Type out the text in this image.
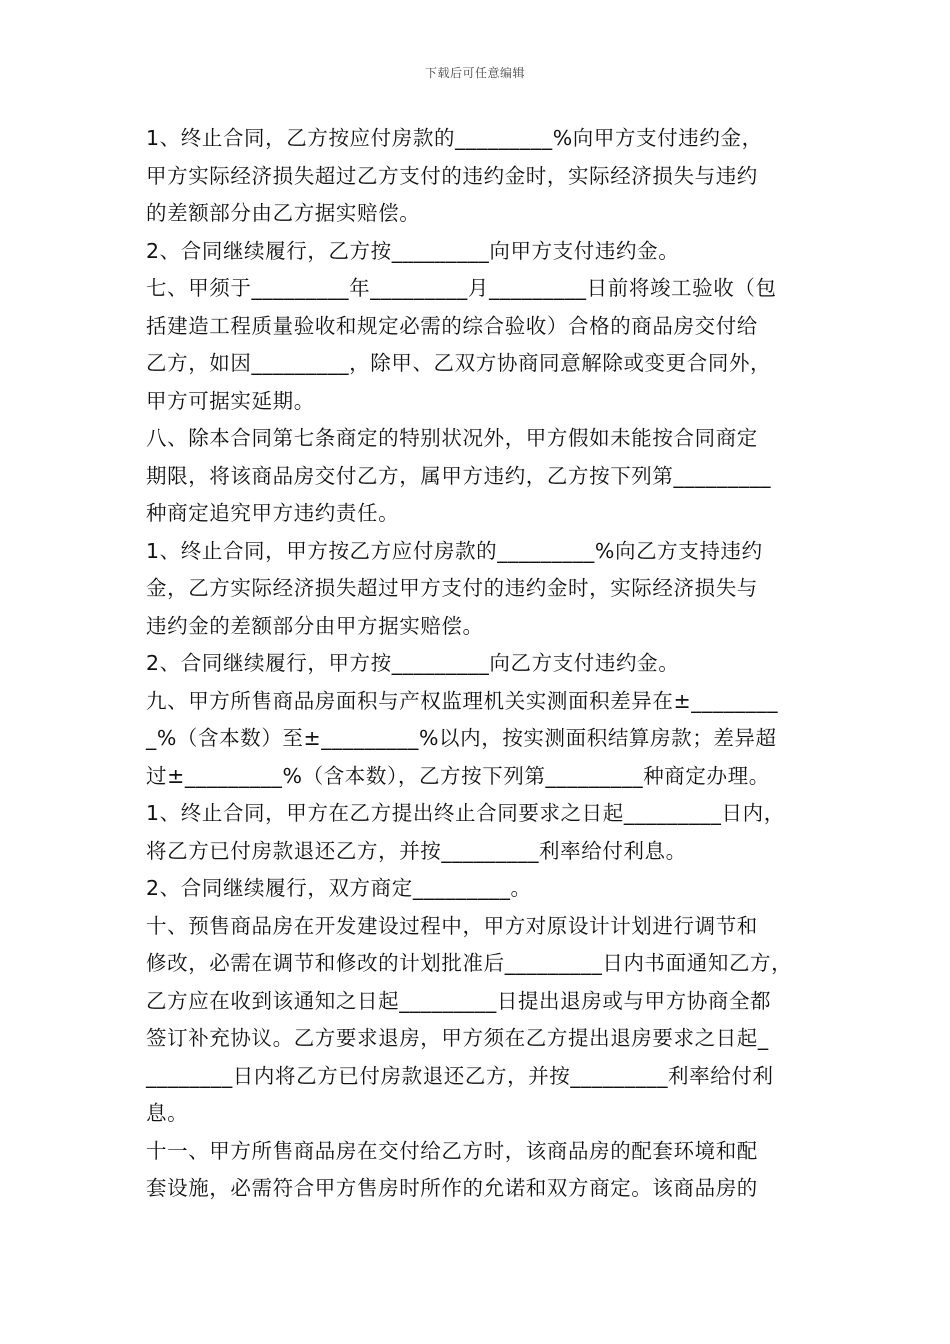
下载后可任意编辑
1、终止合同，乙方按应付房款的_________%向甲方支付违约金，
甲方实际经济损失超过乙方支付的违约金时，实际经济损失与违约
的差额部分由乙方据实赔偿。
2、合同继续履行，乙方按_________向甲方支付违约金。
七、甲须于_________年_________月_________日前将竣工验收（包
括建造工程质量验收和规定必需的综合验收）合格的商品房交付给
乙方，如因_________，除甲、乙双方协商同意解除或变更合同外，
甲方可据实延期。
八、除本合同第七条商定的特别状况外，甲方假如未能按合同商定
期限，将该商品房交付乙方，属甲方违约，乙方按下列第_________
种商定追究甲方违约责任。
1、终止合同，甲方按乙方应付房款的_________%向乙方支持违约
金，乙方实际经济损失超过甲方支付的违约金时，实际经济损失与
违约金的差额部分由甲方据实赔偿。
2、合同继续履行，甲方按_________向乙方支付违约金。
九、甲方所售商品房面积与产权监理机关实测面积差异在±________
_%（含本数）至±_________%以内，按实测面积结算房款；差异超
过±_________%（含本数），乙方按下列第_________种商定办理。
1、终止合同，甲方在乙方提出终止合同要求之日起_________日内，
将乙方已付房款退还乙方，并按_________利率给付利息。
2、合同继续履行，双方商定_________。
十、预售商品房在开发建设过程中，甲方对原设计计划进行调节和
修改，必需在调节和修改的计划批准后_________日内书面通知乙方，
乙方应在收到该通知之日起_________日提出退房或与甲方协商全都
签订补充协议。乙方要求退房，甲方须在乙方提出退房要求之日起_
________日内将乙方已付房款退还乙方，并按_________利率给付利
息。
十一、甲方所售商品房在交付给乙方时，该商品房的配套环境和配
套设施，必需符合甲方售房时所作的允诺和双方商定。该商品房的
